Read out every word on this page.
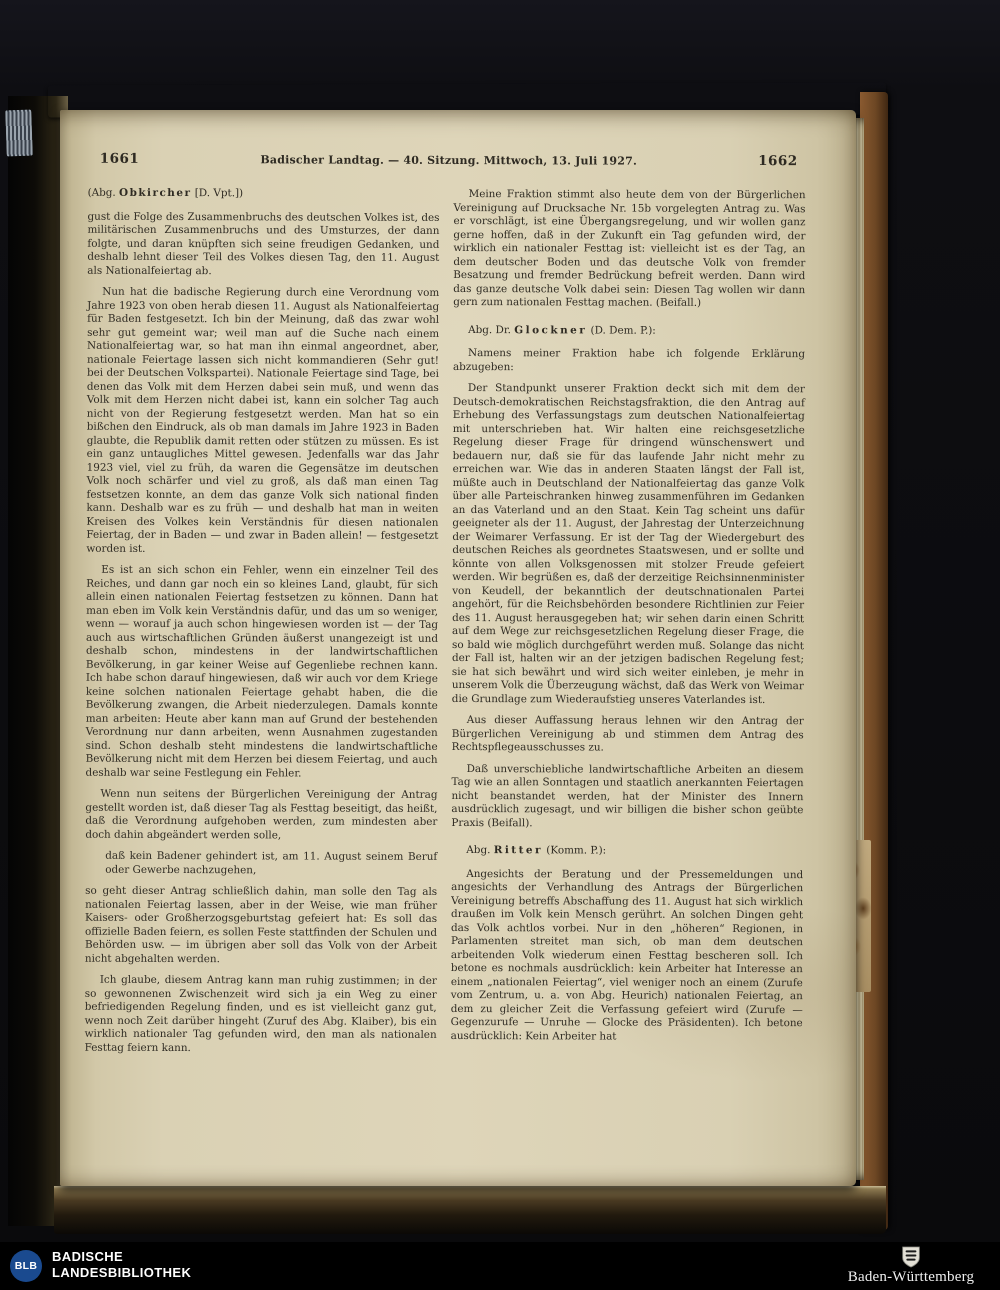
1661	Badischer Landtag. — 40. Sitzung. Mittwoch, 13. Juli 1927.	1662

(Abg. Obkircher [D. Vpt.])

gust die Folge des Zusammenbruchs des deutschen Volkes ist, des militärischen Zusammenbruchs und des Umsturzes, der dann folgte, und daran knüpften sich seine freudigen Gedanken, und deshalb lehnt dieser Teil des Volkes diesen Tag, den 11. August als Nationalfeiertag ab.

Nun hat die badische Regierung durch eine Verordnung vom Jahre 1923 von oben herab diesen 11. August als Nationalfeiertag für Baden festgesetzt. Ich bin der Meinung, daß das zwar wohl sehr gut gemeint war; weil man auf die Suche nach einem Nationalfeiertag war, so hat man ihn einmal angeordnet, aber, nationale Feiertage lassen sich nicht kommandieren (Sehr gut! bei der Deutschen Volkspartei). Nationale Feiertage sind Tage, bei denen das Volk mit dem Herzen dabei sein muß, und wenn das Volk mit dem Herzen nicht dabei ist, kann ein solcher Tag auch nicht von der Regierung festgesetzt werden. Man hat so ein bißchen den Eindruck, als ob man damals im Jahre 1923 in Baden glaubte, die Republik damit retten oder stützen zu müssen. Es ist ein ganz untaugliches Mittel gewesen. Jedenfalls war das Jahr 1923 viel, viel zu früh, da waren die Gegensätze im deutschen Volk noch schärfer und viel zu groß, als daß man einen Tag festsetzen konnte, an dem das ganze Volk sich national finden kann. Deshalb war es zu früh — und deshalb hat man in weiten Kreisen des Volkes kein Verständnis für diesen nationalen Feiertag, der in Baden — und zwar in Baden allein! — festgesetzt worden ist.

Es ist an sich schon ein Fehler, wenn ein einzelner Teil des Reiches, und dann gar noch ein so kleines Land, glaubt, für sich allein einen nationalen Feiertag festsetzen zu können. Dann hat man eben im Volk kein Verständnis dafür, und das um so weniger, wenn — worauf ja auch schon hingewiesen worden ist — der Tag auch aus wirtschaftlichen Gründen äußerst unangezeigt ist und deshalb schon, mindestens in der landwirtschaftlichen Bevölkerung, in gar keiner Weise auf Gegenliebe rechnen kann. Ich habe schon darauf hingewiesen, daß wir auch vor dem Kriege keine solchen nationalen Feiertage gehabt haben, die die Bevölkerung zwangen, die Arbeit niederzulegen. Damals konnte man arbeiten: Heute aber kann man auf Grund der bestehenden Verordnung nur dann arbeiten, wenn Ausnahmen zugestanden sind. Schon deshalb steht mindestens die landwirtschaftliche Bevölkerung nicht mit dem Herzen bei diesem Feiertag, und auch deshalb war seine Festlegung ein Fehler.

Wenn nun seitens der Bürgerlichen Vereinigung der Antrag gestellt worden ist, daß dieser Tag als Festtag beseitigt, das heißt, daß die Verordnung aufgehoben werden, zum mindesten aber doch dahin abgeändert werden solle,

daß kein Badener gehindert ist, am 11. August seinem Beruf oder Gewerbe nachzugehen,

so geht dieser Antrag schließlich dahin, man solle den Tag als nationalen Feiertag lassen, aber in der Weise, wie man früher Kaisers- oder Großherzogsgeburtstag gefeiert hat: Es soll das offizielle Baden feiern, es sollen Feste stattfinden der Schulen und Behörden usw. — im übrigen aber soll das Volk von der Arbeit nicht abgehalten werden.

Ich glaube, diesem Antrag kann man ruhig zustimmen; in der so gewonnenen Zwischenzeit wird sich ja ein Weg zu einer befriedigenden Regelung finden, und es ist vielleicht ganz gut, wenn noch Zeit darüber hingeht (Zuruf des Abg. Klaiber), bis ein wirklich nationaler Tag gefunden wird, den man als nationalen Festtag feiern kann.

Meine Fraktion stimmt also heute dem von der Bürgerlichen Vereinigung auf Drucksache Nr. 15b vorgelegten Antrag zu. Was er vorschlägt, ist eine Übergangsregelung, und wir wollen ganz gerne hoffen, daß in der Zukunft ein Tag gefunden wird, der wirklich ein nationaler Festtag ist: vielleicht ist es der Tag, an dem deutscher Boden und das deutsche Volk von fremder Besatzung und fremder Bedrückung befreit werden. Dann wird das ganze deutsche Volk dabei sein: Diesen Tag wollen wir dann gern zum nationalen Festtag machen. (Beifall.)

Abg. Dr. Glockner (D. Dem. P.):

Namens meiner Fraktion habe ich folgende Erklärung abzugeben:

Der Standpunkt unserer Fraktion deckt sich mit dem der Deutsch-demokratischen Reichstagsfraktion, die den Antrag auf Erhebung des Verfassungstags zum deutschen Nationalfeiertag mit unterschrieben hat. Wir halten eine reichsgesetzliche Regelung dieser Frage für dringend wünschenswert und bedauern nur, daß sie für das laufende Jahr nicht mehr zu erreichen war. Wie das in anderen Staaten längst der Fall ist, müßte auch in Deutschland der Nationalfeiertag das ganze Volk über alle Parteischranken hinweg zusammenführen im Gedanken an das Vaterland und an den Staat. Kein Tag scheint uns dafür geeigneter als der 11. August, der Jahrestag der Unterzeichnung der Weimarer Verfassung. Er ist der Tag der Wiedergeburt des deutschen Reiches als geordnetes Staatswesen, und er sollte und könnte von allen Volksgenossen mit stolzer Freude gefeiert werden. Wir begrüßen es, daß der derzeitige Reichsinnenminister von Keudell, der bekanntlich der deutschnationalen Partei angehört, für die Reichsbehörden besondere Richtlinien zur Feier des 11. August herausgegeben hat; wir sehen darin einen Schritt auf dem Wege zur reichsgesetzlichen Regelung dieser Frage, die so bald wie möglich durchgeführt werden muß. Solange das nicht der Fall ist, halten wir an der jetzigen badischen Regelung fest; sie hat sich bewährt und wird sich weiter einleben, je mehr in unserem Volk die Überzeugung wächst, daß das Werk von Weimar die Grundlage zum Wiederaufstieg unseres Vaterlandes ist.

Aus dieser Auffassung heraus lehnen wir den Antrag der Bürgerlichen Vereinigung ab und stimmen dem Antrag des Rechtspflegeausschusses zu.

Daß unverschiebliche landwirtschaftliche Arbeiten an diesem Tag wie an allen Sonntagen und staatlich anerkannten Feiertagen nicht beanstandet werden, hat der Minister des Innern ausdrücklich zugesagt, und wir billigen die bisher schon geübte Praxis (Beifall).

Abg. Ritter (Komm. P.):

Angesichts der Beratung und der Pressemeldungen und angesichts der Verhandlung des Antrags der Bürgerlichen Vereinigung betreffs Abschaffung des 11. August hat sich wirklich draußen im Volk kein Mensch gerührt. An solchen Dingen geht das Volk achtlos vorbei. Nur in den „höheren“ Regionen, in Parlamenten streitet man sich, ob man dem deutschen arbeitenden Volk wiederum einen Festtag bescheren soll. Ich betone es nochmals ausdrücklich: kein Arbeiter hat Interesse an einem „nationalen Feiertag“, viel weniger noch an einem (Zurufe vom Zentrum, u. a. von Abg. Heurich) nationalen Feiertag, an dem zu gleicher Zeit die Verfassung gefeiert wird (Zurufe — Gegenzurufe — Unruhe — Glocke des Präsidenten). Ich betone ausdrücklich: Kein Arbeiter hat

BLB
BADISCHE
LANDESBIBLIOTHEK	Baden-Württemberg
